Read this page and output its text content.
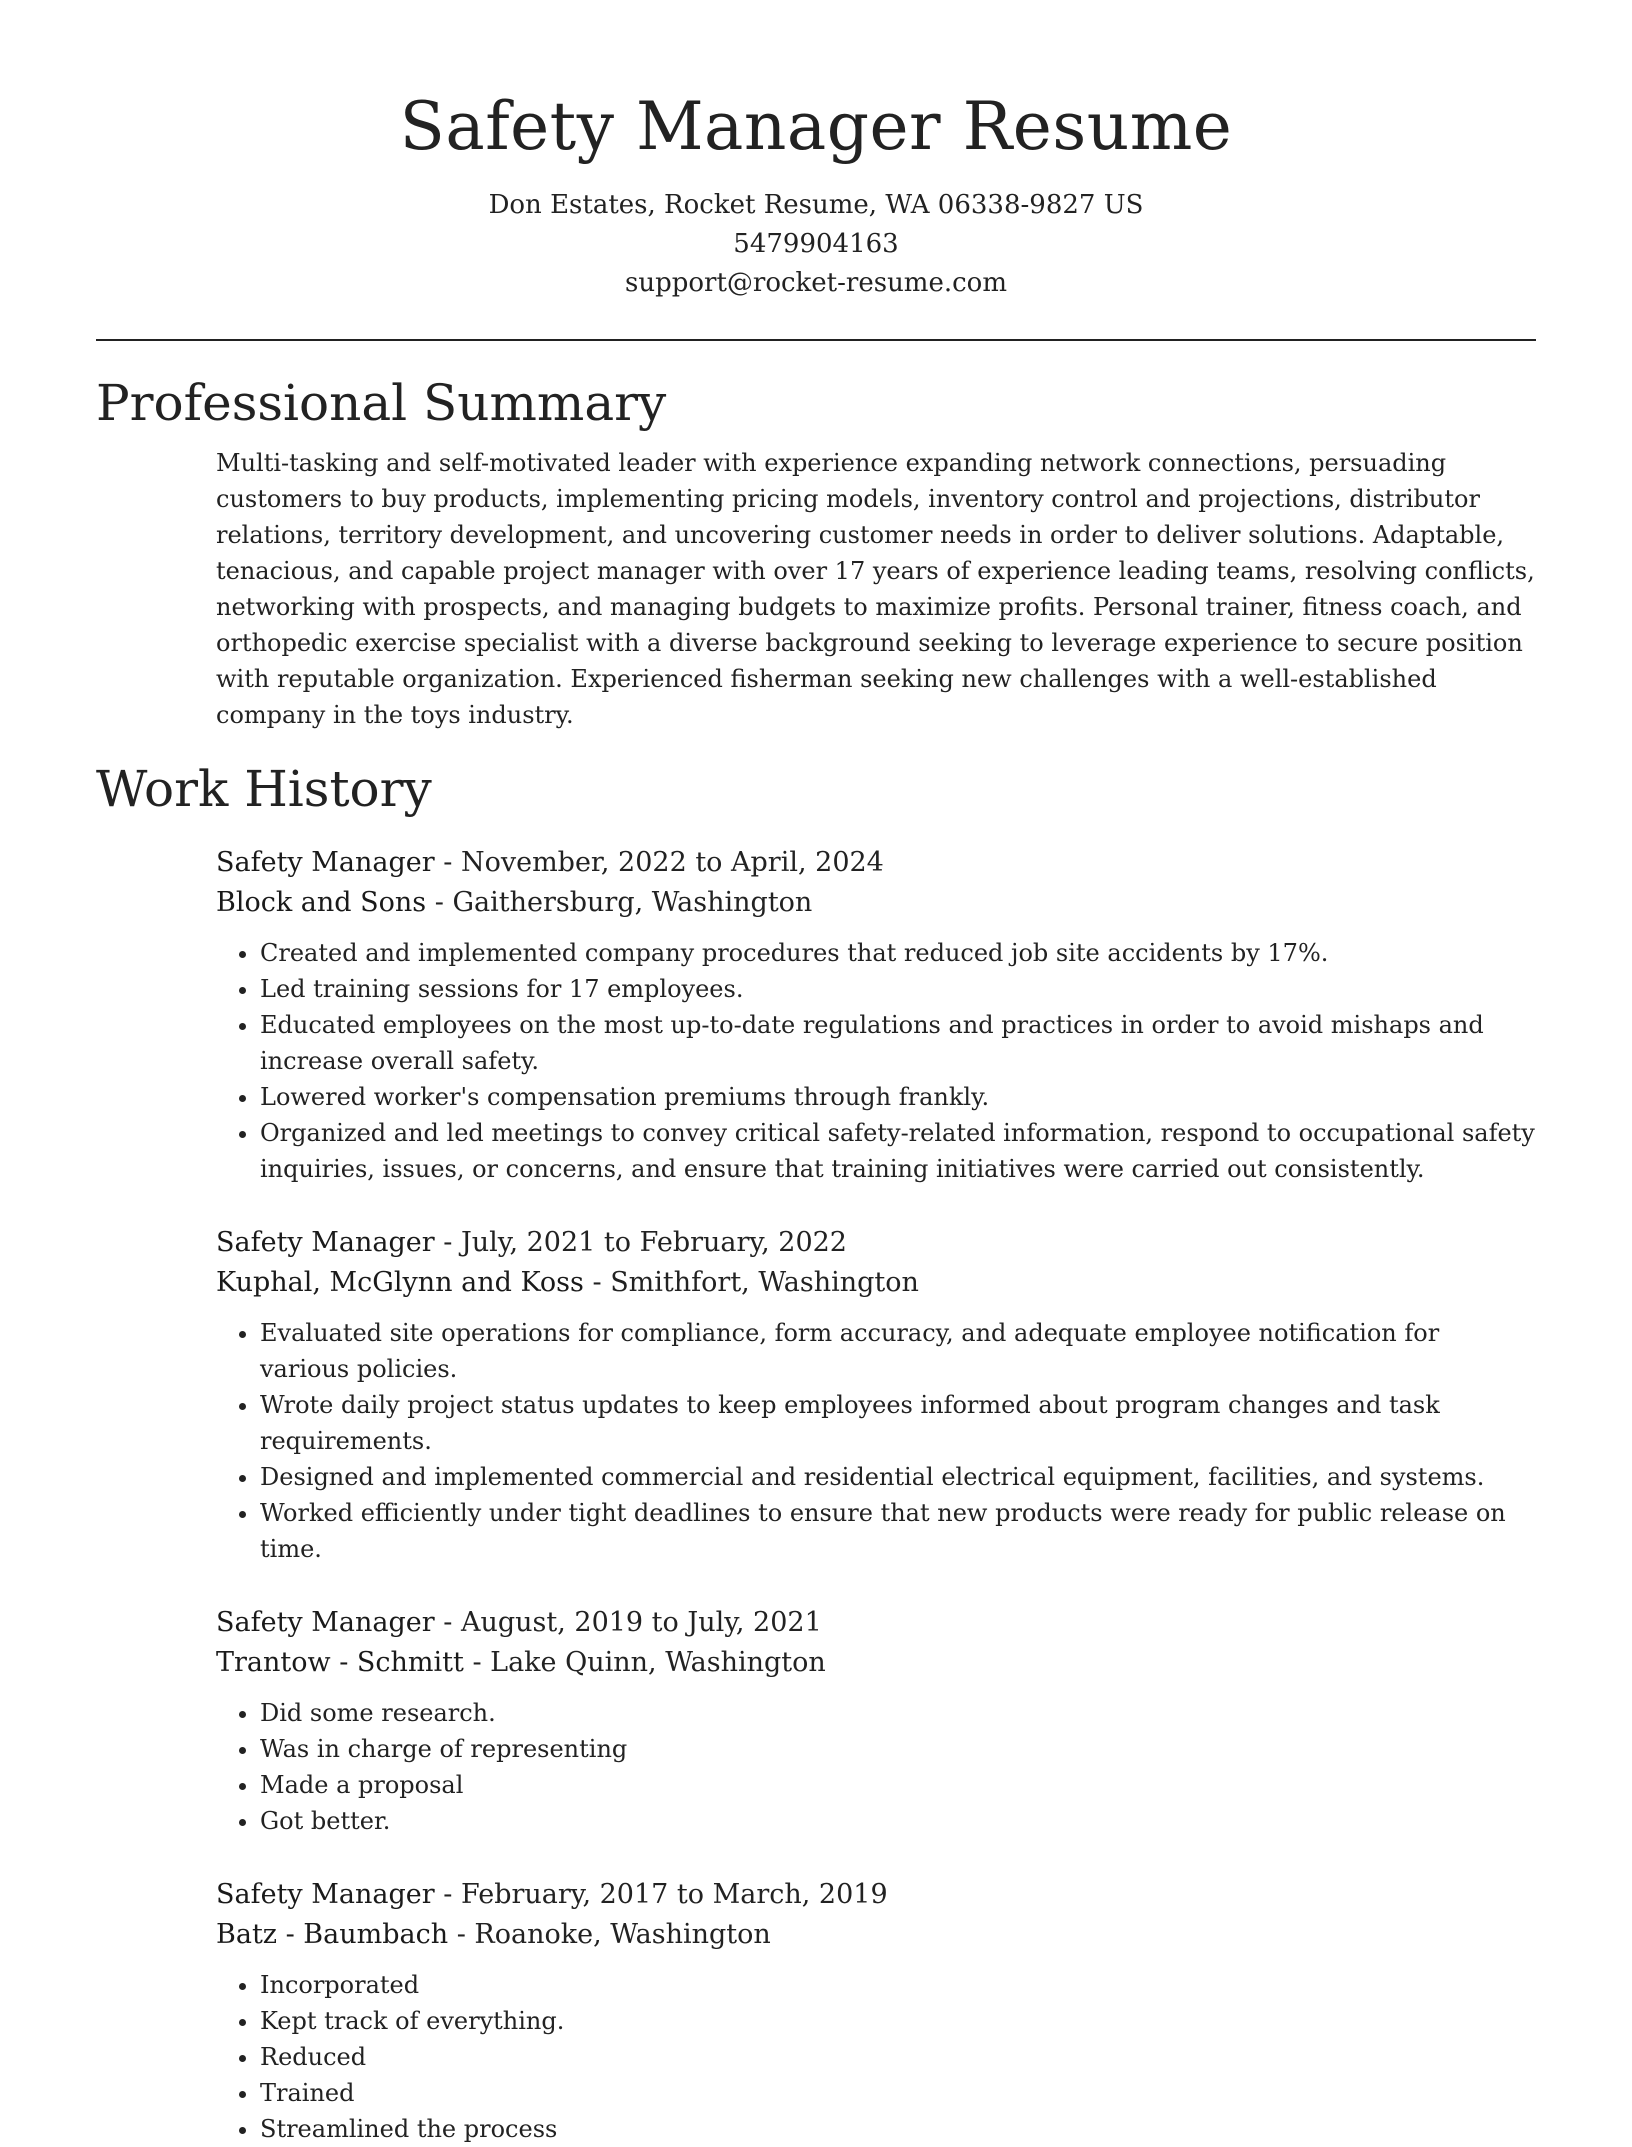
Safety Manager Resume
Don Estates, Rocket Resume, WA 06338-9827 US
5479904163
support@rocket-resume.com
Professional Summary

Multi-tasking and self-motivated leader with experience expanding network connections, persuading customers to buy products, implementing pricing models, inventory control and projections, distributor relations, territory development, and uncovering customer needs in order to deliver solutions. Adaptable, tenacious, and capable project manager with over 17 years of experience leading teams, resolving conflicts, networking with prospects, and managing budgets to maximize profits. Personal trainer, fitness coach, and orthopedic exercise specialist with a diverse background seeking to leverage experience to secure position with reputable organization. Experienced fisherman seeking new challenges with a well-established company in the toys industry.

Work History
Safety Manager - November, 2022 to April, 2024
Block and Sons - Gaithersburg, Washington
• Created and implemented company procedures that reduced job site accidents by 17%.
• Led training sessions for 17 employees.
• Educated employees on the most up-to-date regulations and practices in order to avoid mishaps and increase overall safety.
• Lowered worker's compensation premiums through frankly.
• Organized and led meetings to convey critical safety-related information, respond to occupational safety inquiries, issues, or concerns, and ensure that training initiatives were carried out consistently.
Safety Manager - July, 2021 to February, 2022
Kuphal, McGlynn and Koss - Smithfort, Washington
• Evaluated site operations for compliance, form accuracy, and adequate employee notification for various policies.
• Wrote daily project status updates to keep employees informed about program changes and task requirements.
• Designed and implemented commercial and residential electrical equipment, facilities, and systems.
• Worked efficiently under tight deadlines to ensure that new products were ready for public release on time.
Safety Manager - August, 2019 to July, 2021
Trantow - Schmitt - Lake Quinn, Washington
• Did some research.
• Was in charge of representing
• Made a proposal
• Got better.
Safety Manager - February, 2017 to March, 2019
Batz - Baumbach - Roanoke, Washington
• Incorporated
• Kept track of everything.
• Reduced
• Trained
• Streamlined the process
